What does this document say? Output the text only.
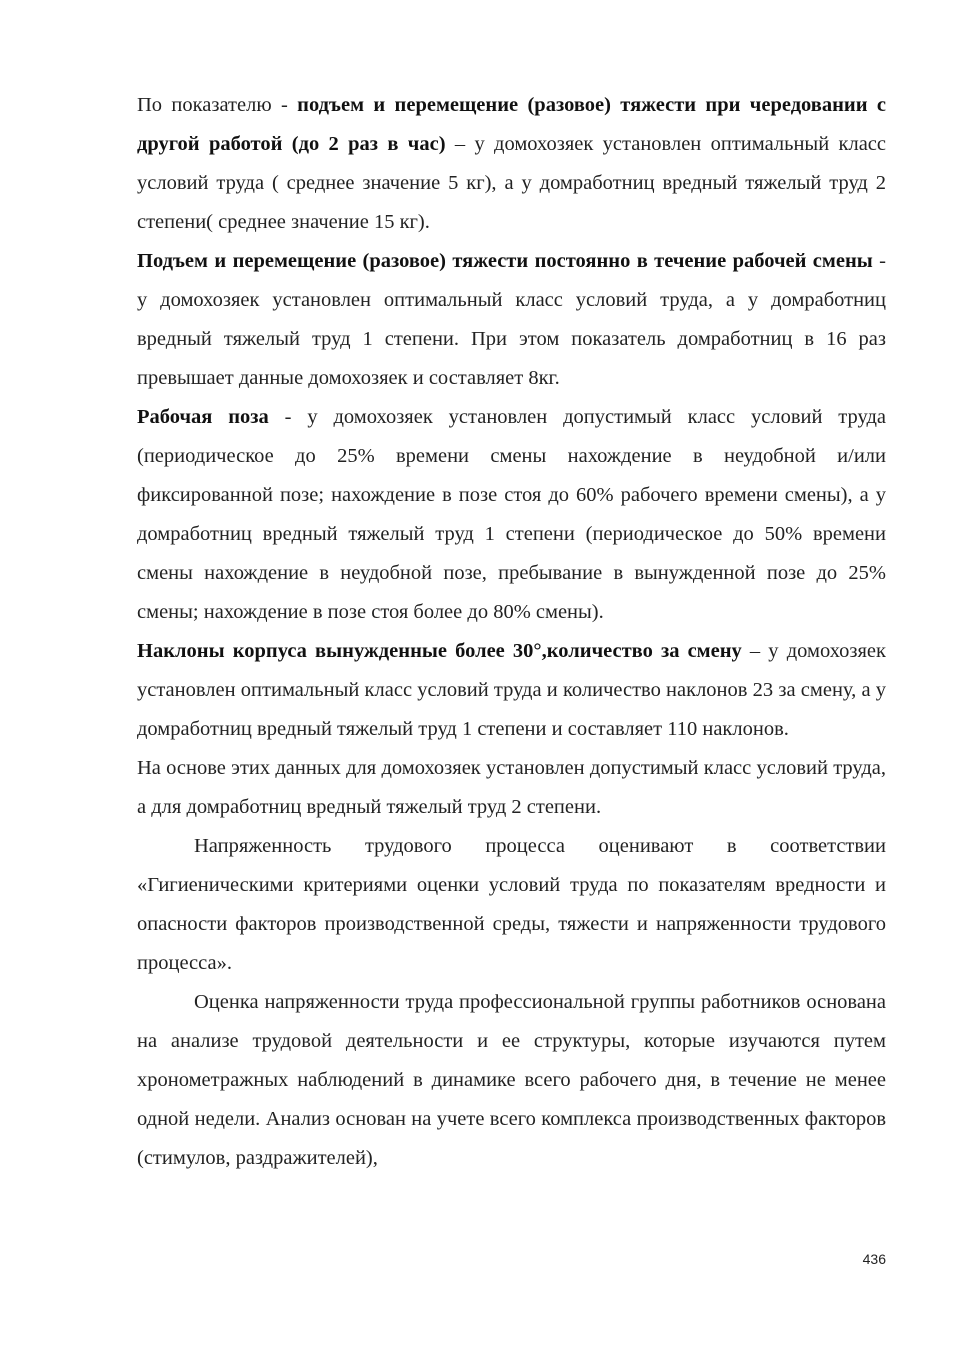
По показателю - подъем и перемещение (разовое) тяжести при чередовании с другой работой (до 2 раз в час) – у домохозяек установлен оптимальный класс условий труда ( среднее значение 5 кг), а у домработниц вредный тяжелый труд 2 степени( среднее значение 15 кг).

Подъем и перемещение (разовое) тяжести постоянно в течение рабочей смены - у домохозяек установлен оптимальный класс условий труда, а у домработниц вредный тяжелый труд 1 степени. При этом показатель домработниц в 16 раз превышает данные домохозяек и составляет 8кг.

Рабочая поза - у домохозяек установлен допустимый класс условий труда (периодическое до 25% времени смены нахождение в неудобной и/или фиксированной позе; нахождение в позе стоя до 60% рабочего времени смены), а у домработниц вредный тяжелый труд 1 степени (периодическое до 50% времени смены нахождение в неудобной позе, пребывание в вынужденной позе до 25% смены; нахождение в позе стоя более до 80% смены).

Наклоны корпуса вынужденные более 30°,количество за смену – у домохозяек установлен оптимальный класс условий труда и количество наклонов 23 за смену, а у домработниц вредный тяжелый труд 1 степени и составляет 110 наклонов.

На основе этих данных для домохозяек установлен допустимый класс условий труда, а для домработниц вредный тяжелый труд 2 степени.

Напряженность трудового процесса оценивают в соответствии «Гигиеническими критериями оценки условий труда по показателям вредности и опасности факторов производственной среды, тяжести и напряженности трудового процесса».

Оценка напряженности труда профессиональной группы работников основана на анализе трудовой деятельности и ее структуры, которые изучаются путем хронометражных наблюдений в динамике всего рабочего дня, в течение не менее одной недели. Анализ основан на учете всего комплекса производственных факторов (стимулов, раздражителей),

436
